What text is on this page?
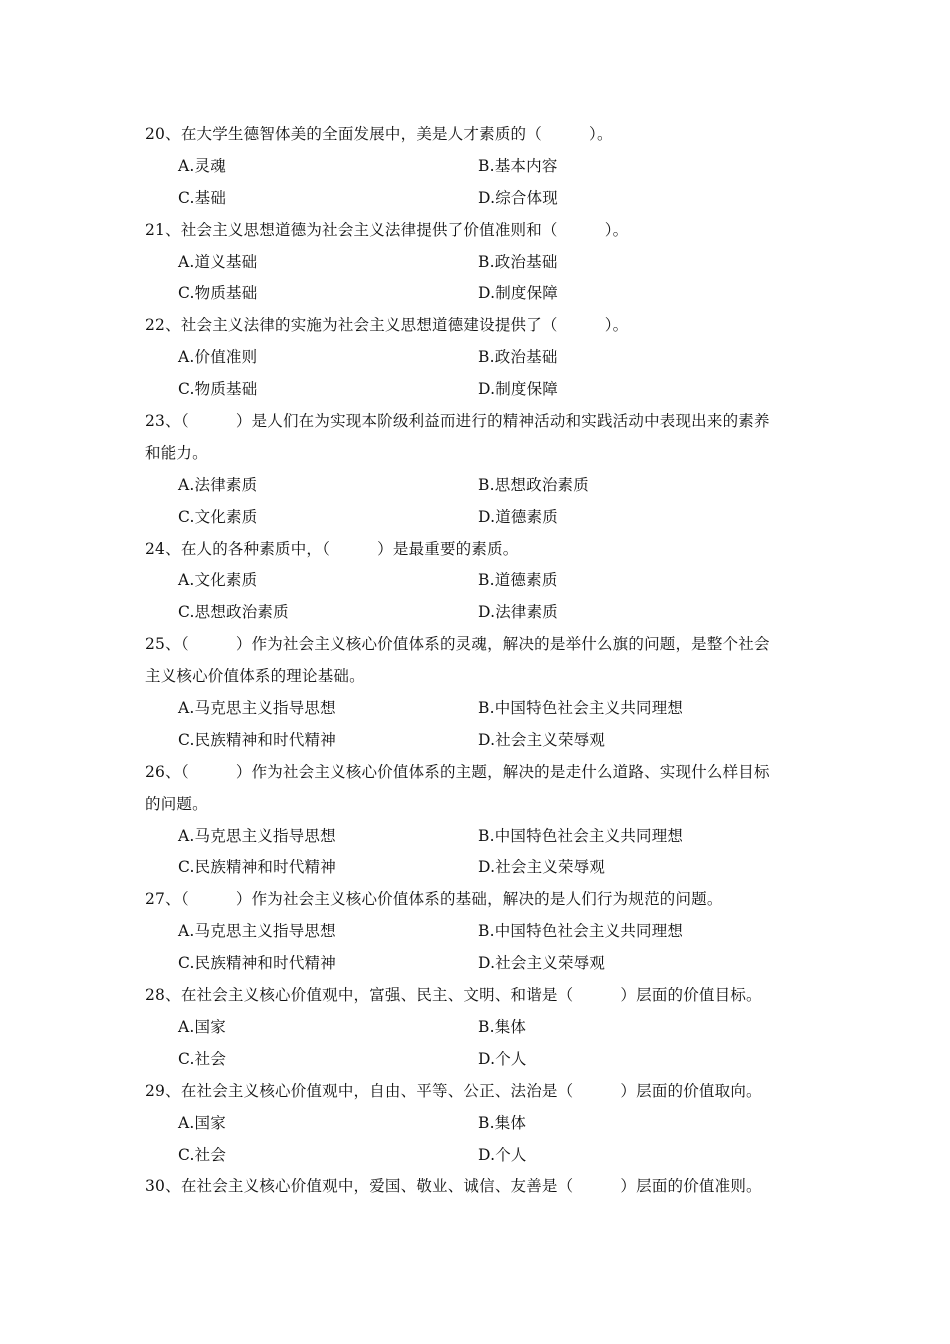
20、在大学生德智体美的全面发展中，美是人才素质的（　　　）。
A.灵魂	B.基本内容
C.基础	D.综合体现
21、社会主义思想道德为社会主义法律提供了价值准则和（　　　）。
A.道义基础	B.政治基础
C.物质基础	D.制度保障
22、社会主义法律的实施为社会主义思想道德建设提供了（　　　）。
A.价值准则	B.政治基础
C.物质基础	D.制度保障
23、（　　　）是人们在为实现本阶级利益而进行的精神活动和实践活动中表现出来的素养
和能力。
A.法律素质	B.思想政治素质
C.文化素质	D.道德素质
24、在人的各种素质中，（　　　）是最重要的素质。
A.文化素质	B.道德素质
C.思想政治素质	D.法律素质
25、（　　　）作为社会主义核心价值体系的灵魂，解决的是举什么旗的问题，是整个社会
主义核心价值体系的理论基础。
A.马克思主义指导思想	B.中国特色社会主义共同理想
C.民族精神和时代精神	D.社会主义荣辱观
26、（　　　）作为社会主义核心价值体系的主题，解决的是走什么道路、实现什么样目标
的问题。
A.马克思主义指导思想	B.中国特色社会主义共同理想
C.民族精神和时代精神	D.社会主义荣辱观
27、（　　　）作为社会主义核心价值体系的基础，解决的是人们行为规范的问题。
A.马克思主义指导思想	B.中国特色社会主义共同理想
C.民族精神和时代精神	D.社会主义荣辱观
28、在社会主义核心价值观中，富强、民主、文明、和谐是（　　　）层面的价值目标。
A.国家	B.集体
C.社会	D.个人
29、在社会主义核心价值观中，自由、平等、公正、法治是（　　　）层面的价值取向。
A.国家	B.集体
C.社会	D.个人
30、在社会主义核心价值观中，爱国、敬业、诚信、友善是（　　　）层面的价值准则。
